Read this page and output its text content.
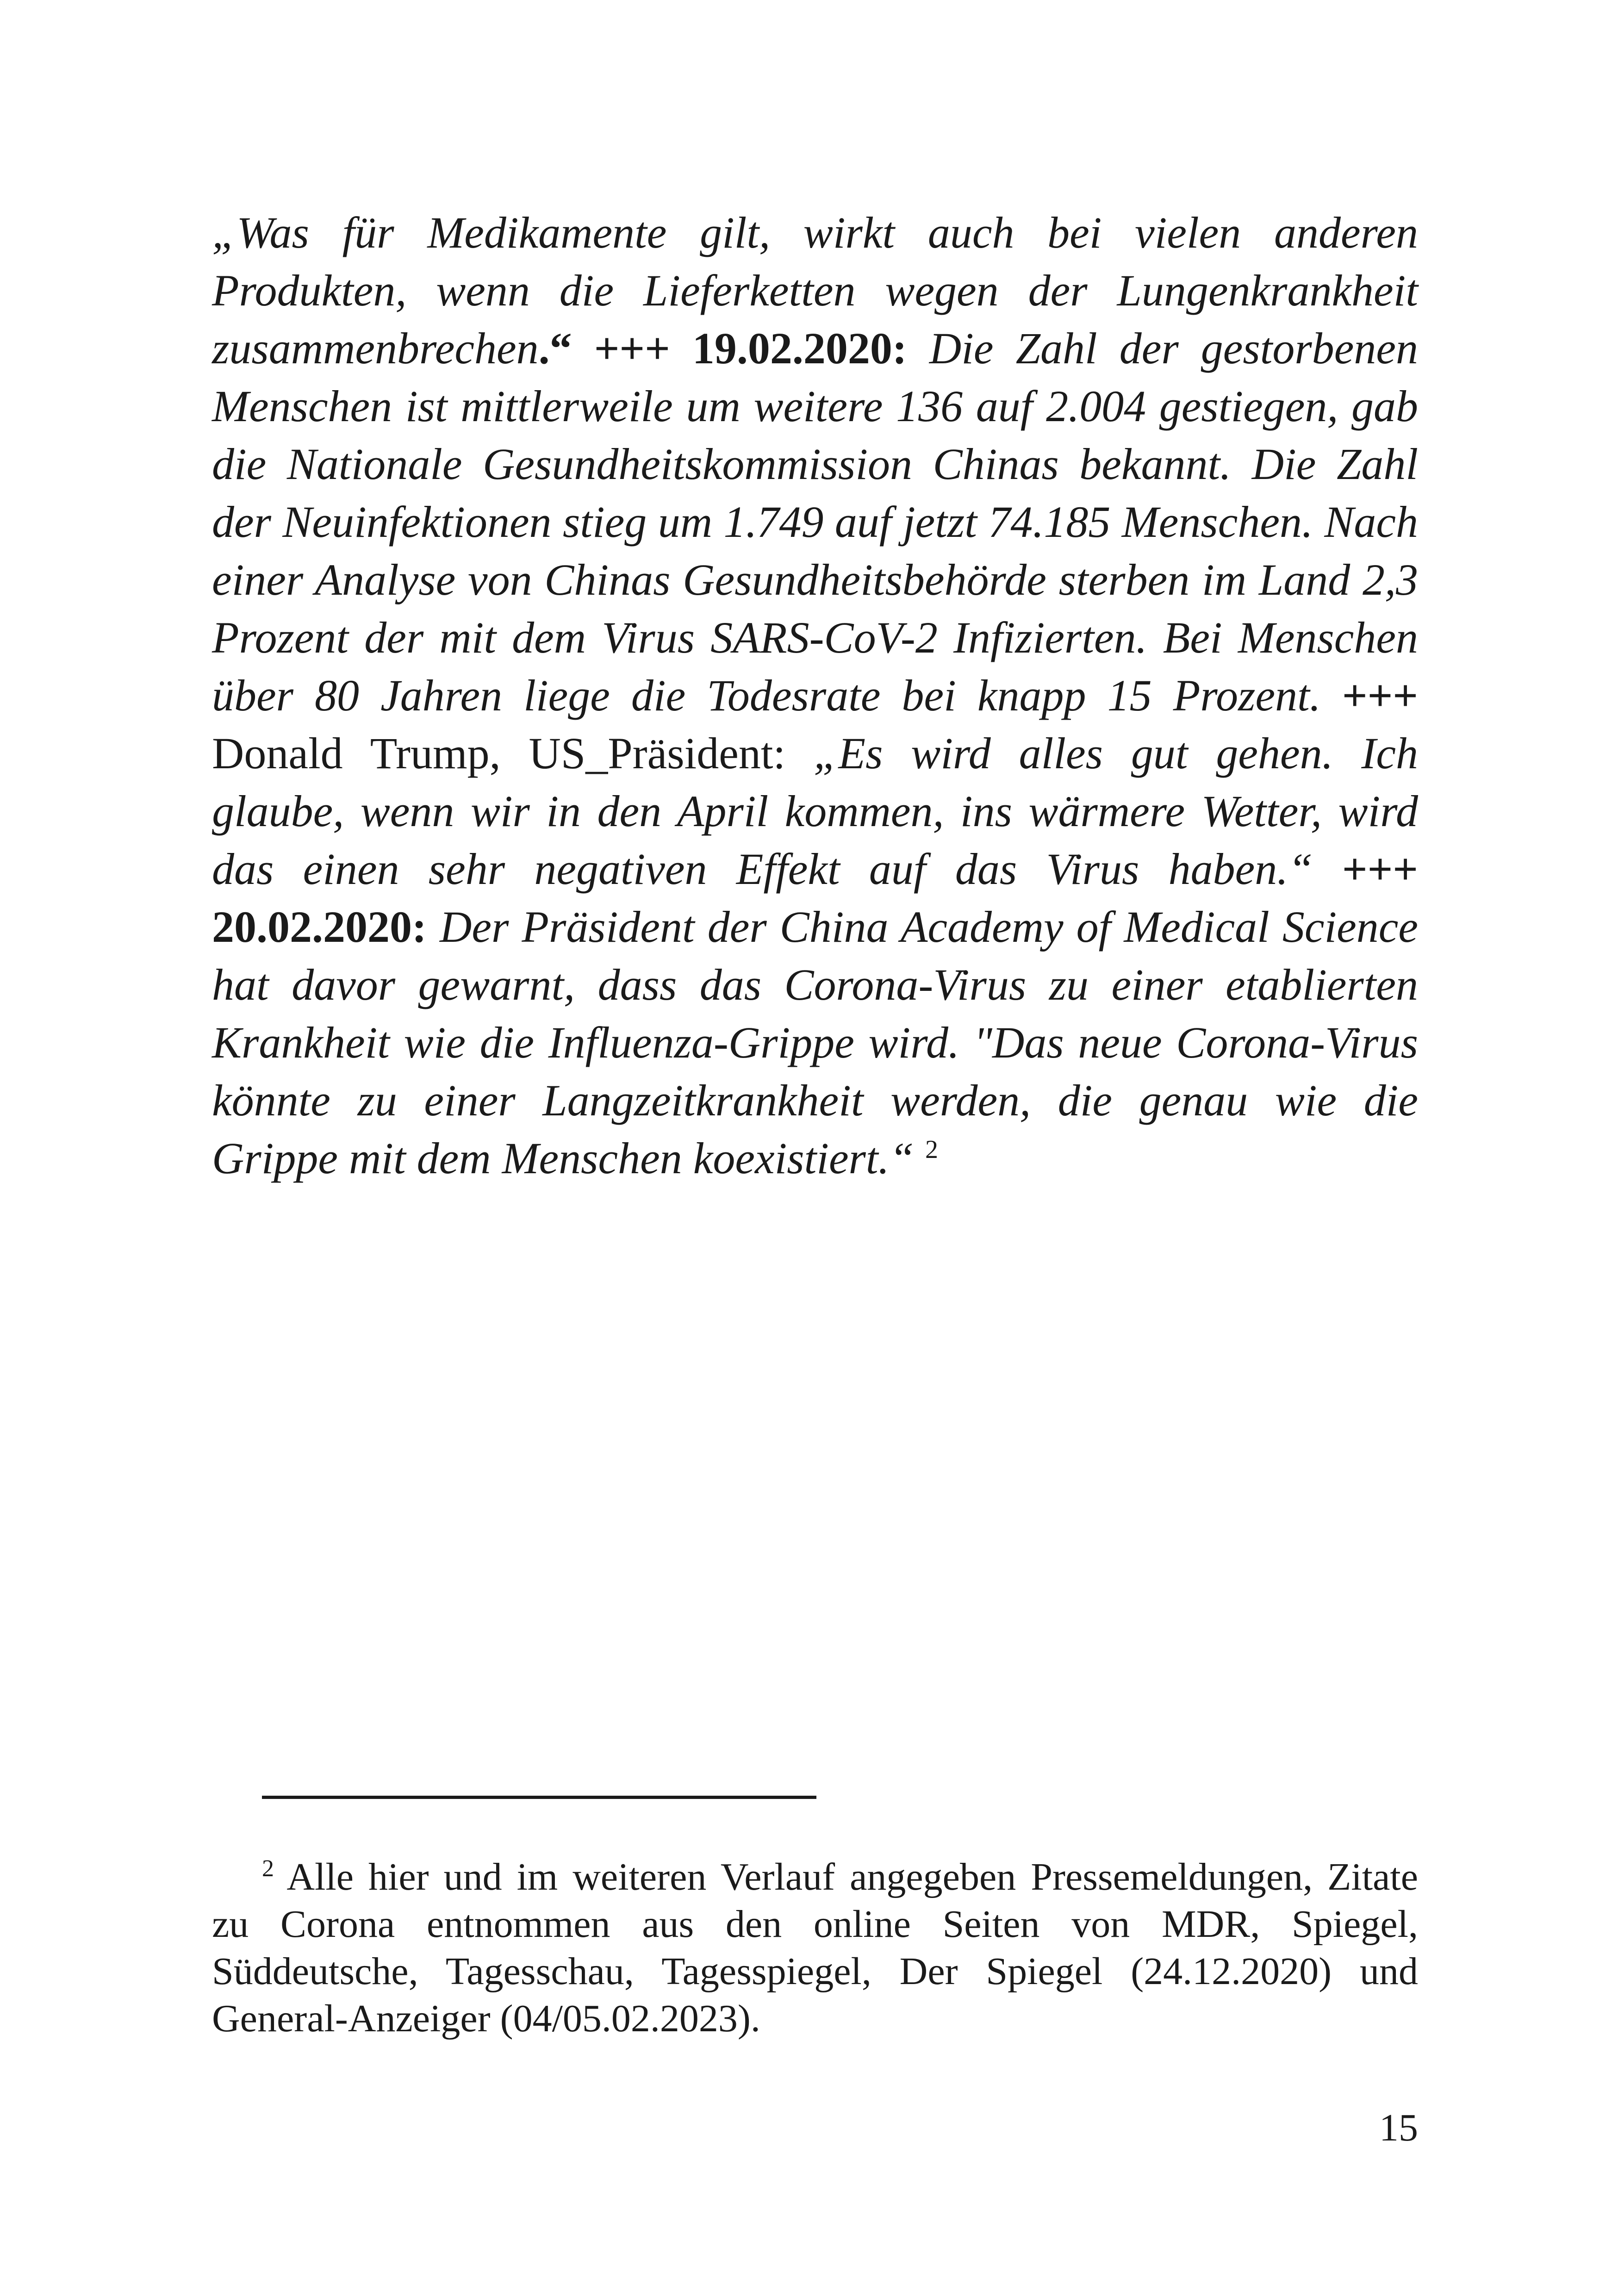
„Was für Medikamente gilt, wirkt auch bei vielen anderen Produkten, wenn die Lieferketten wegen der Lungenkrankheit zusammenbrechen.“ +++ 19.02.2020: Die Zahl der gestorbenen Menschen ist mittlerweile um weitere 136 auf 2.004 gestiegen, gab die Nationale Gesundheitskommission Chinas bekannt. Die Zahl der Neuinfektionen stieg um 1.749 auf jetzt 74.185 Menschen. Nach einer Analyse von Chinas Gesundheitsbehörde sterben im Land 2,3 Prozent der mit dem Virus SARS-CoV-2 Infizierten. Bei Menschen über 80 Jahren liege die Todesrate bei knapp 15 Prozent. +++ Donald Trump, US_Präsident: „Es wird alles gut gehen. Ich glaube, wenn wir in den April kommen, ins wärmere Wetter, wird das einen sehr negativen Effekt auf das Virus haben.“ +++ 20.02.2020: Der Präsident der China Academy of Medical Science hat davor gewarnt, dass das Corona-Virus zu einer etablierten Krankheit wie die Influenza-Grippe wird. "Das neue Corona-Virus könnte zu einer Langzeitkrankheit werden, die genau wie die Grippe mit dem Menschen koexistiert.“ $^2$

$^2$ Alle hier und im weiteren Verlauf angegeben Pressemeldungen, Zitate zu Corona entnommen aus den online Seiten von MDR, Spiegel, Süddeutsche, Tagesschau, Tagesspiegel, Der Spiegel (24.12.2020) und General-Anzeiger (04/05.02.2023).

15
